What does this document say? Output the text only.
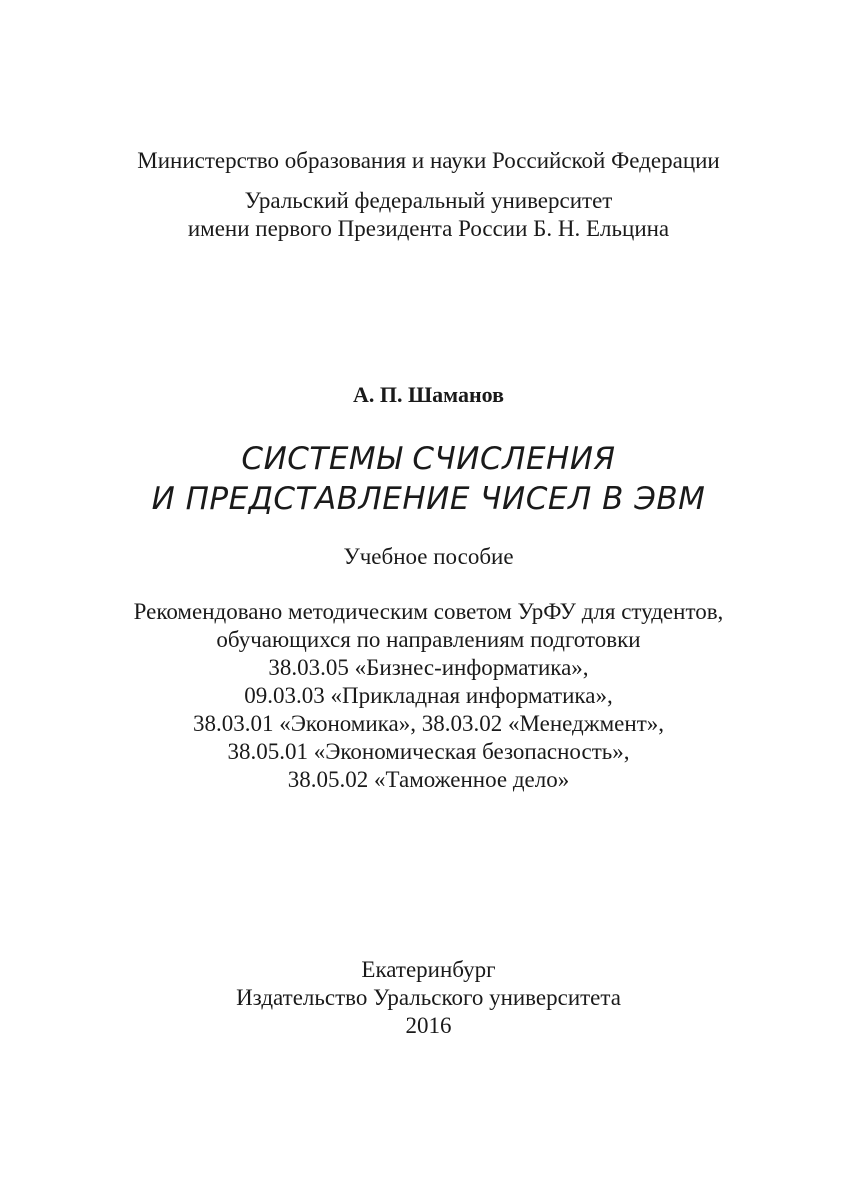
Министерство образования и науки Российской Федерации
Уральский федеральный университет
имени первого Президента России Б. Н. Ельцина
А. П. Шаманов
СИСТЕМЫ СЧИСЛЕНИЯ
И ПРЕДСТАВЛЕНИЕ ЧИСЕЛ В ЭВМ
Учебное пособие
Рекомендовано методическим советом УрФУ для студентов,
обучающихся по направлениям подготовки
38.03.05 «Бизнес-информатика»,
09.03.03 «Прикладная информатика»,
38.03.01 «Экономика», 38.03.02 «Менеджмент»,
38.05.01 «Экономическая безопасность»,
38.05.02 «Таможенное дело»
Екатеринбург
Издательство Уральского университета
2016
